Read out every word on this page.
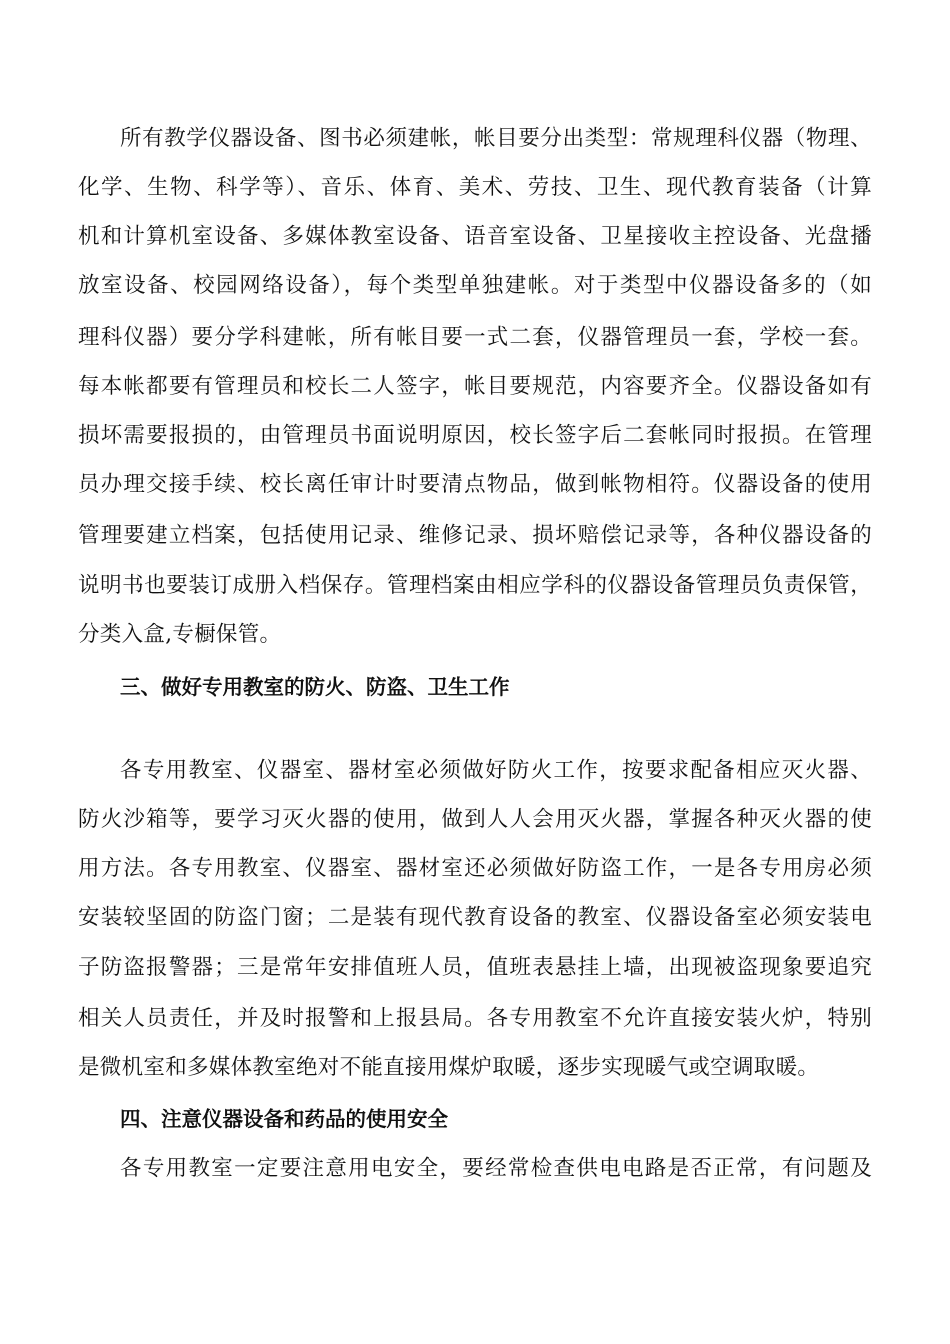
所有教学仪器设备、图书必须建帐，帐目要分出类型：常规理科仪器（物理、
化学、生物、科学等）、音乐、体育、美术、劳技、卫生、现代教育装备（计算
机和计算机室设备、多媒体教室设备、语音室设备、卫星接收主控设备、光盘播
放室设备、校园网络设备），每个类型单独建帐。对于类型中仪器设备多的（如
理科仪器）要分学科建帐，所有帐目要一式二套，仪器管理员一套，学校一套。
每本帐都要有管理员和校长二人签字，帐目要规范，内容要齐全。仪器设备如有
损坏需要报损的，由管理员书面说明原因，校长签字后二套帐同时报损。在管理
员办理交接手续、校长离任审计时要清点物品，做到帐物相符。仪器设备的使用
管理要建立档案，包括使用记录、维修记录、损坏赔偿记录等，各种仪器设备的
说明书也要装订成册入档保存。管理档案由相应学科的仪器设备管理员负责保管，
分类入盒,专橱保管。
三、做好专用教室的防火、防盗、卫生工作
各专用教室、仪器室、器材室必须做好防火工作，按要求配备相应灭火器、
防火沙箱等，要学习灭火器的使用，做到人人会用灭火器，掌握各种灭火器的使
用方法。各专用教室、仪器室、器材室还必须做好防盗工作，一是各专用房必须
安装较坚固的防盗门窗；二是装有现代教育设备的教室、仪器设备室必须安装电
子防盗报警器；三是常年安排值班人员，值班表悬挂上墙，出现被盗现象要追究
相关人员责任，并及时报警和上报县局。各专用教室不允许直接安装火炉，特别
是微机室和多媒体教室绝对不能直接用煤炉取暖，逐步实现暖气或空调取暖。
四、注意仪器设备和药品的使用安全
各专用教室一定要注意用电安全，要经常检查供电电路是否正常，有问题及
